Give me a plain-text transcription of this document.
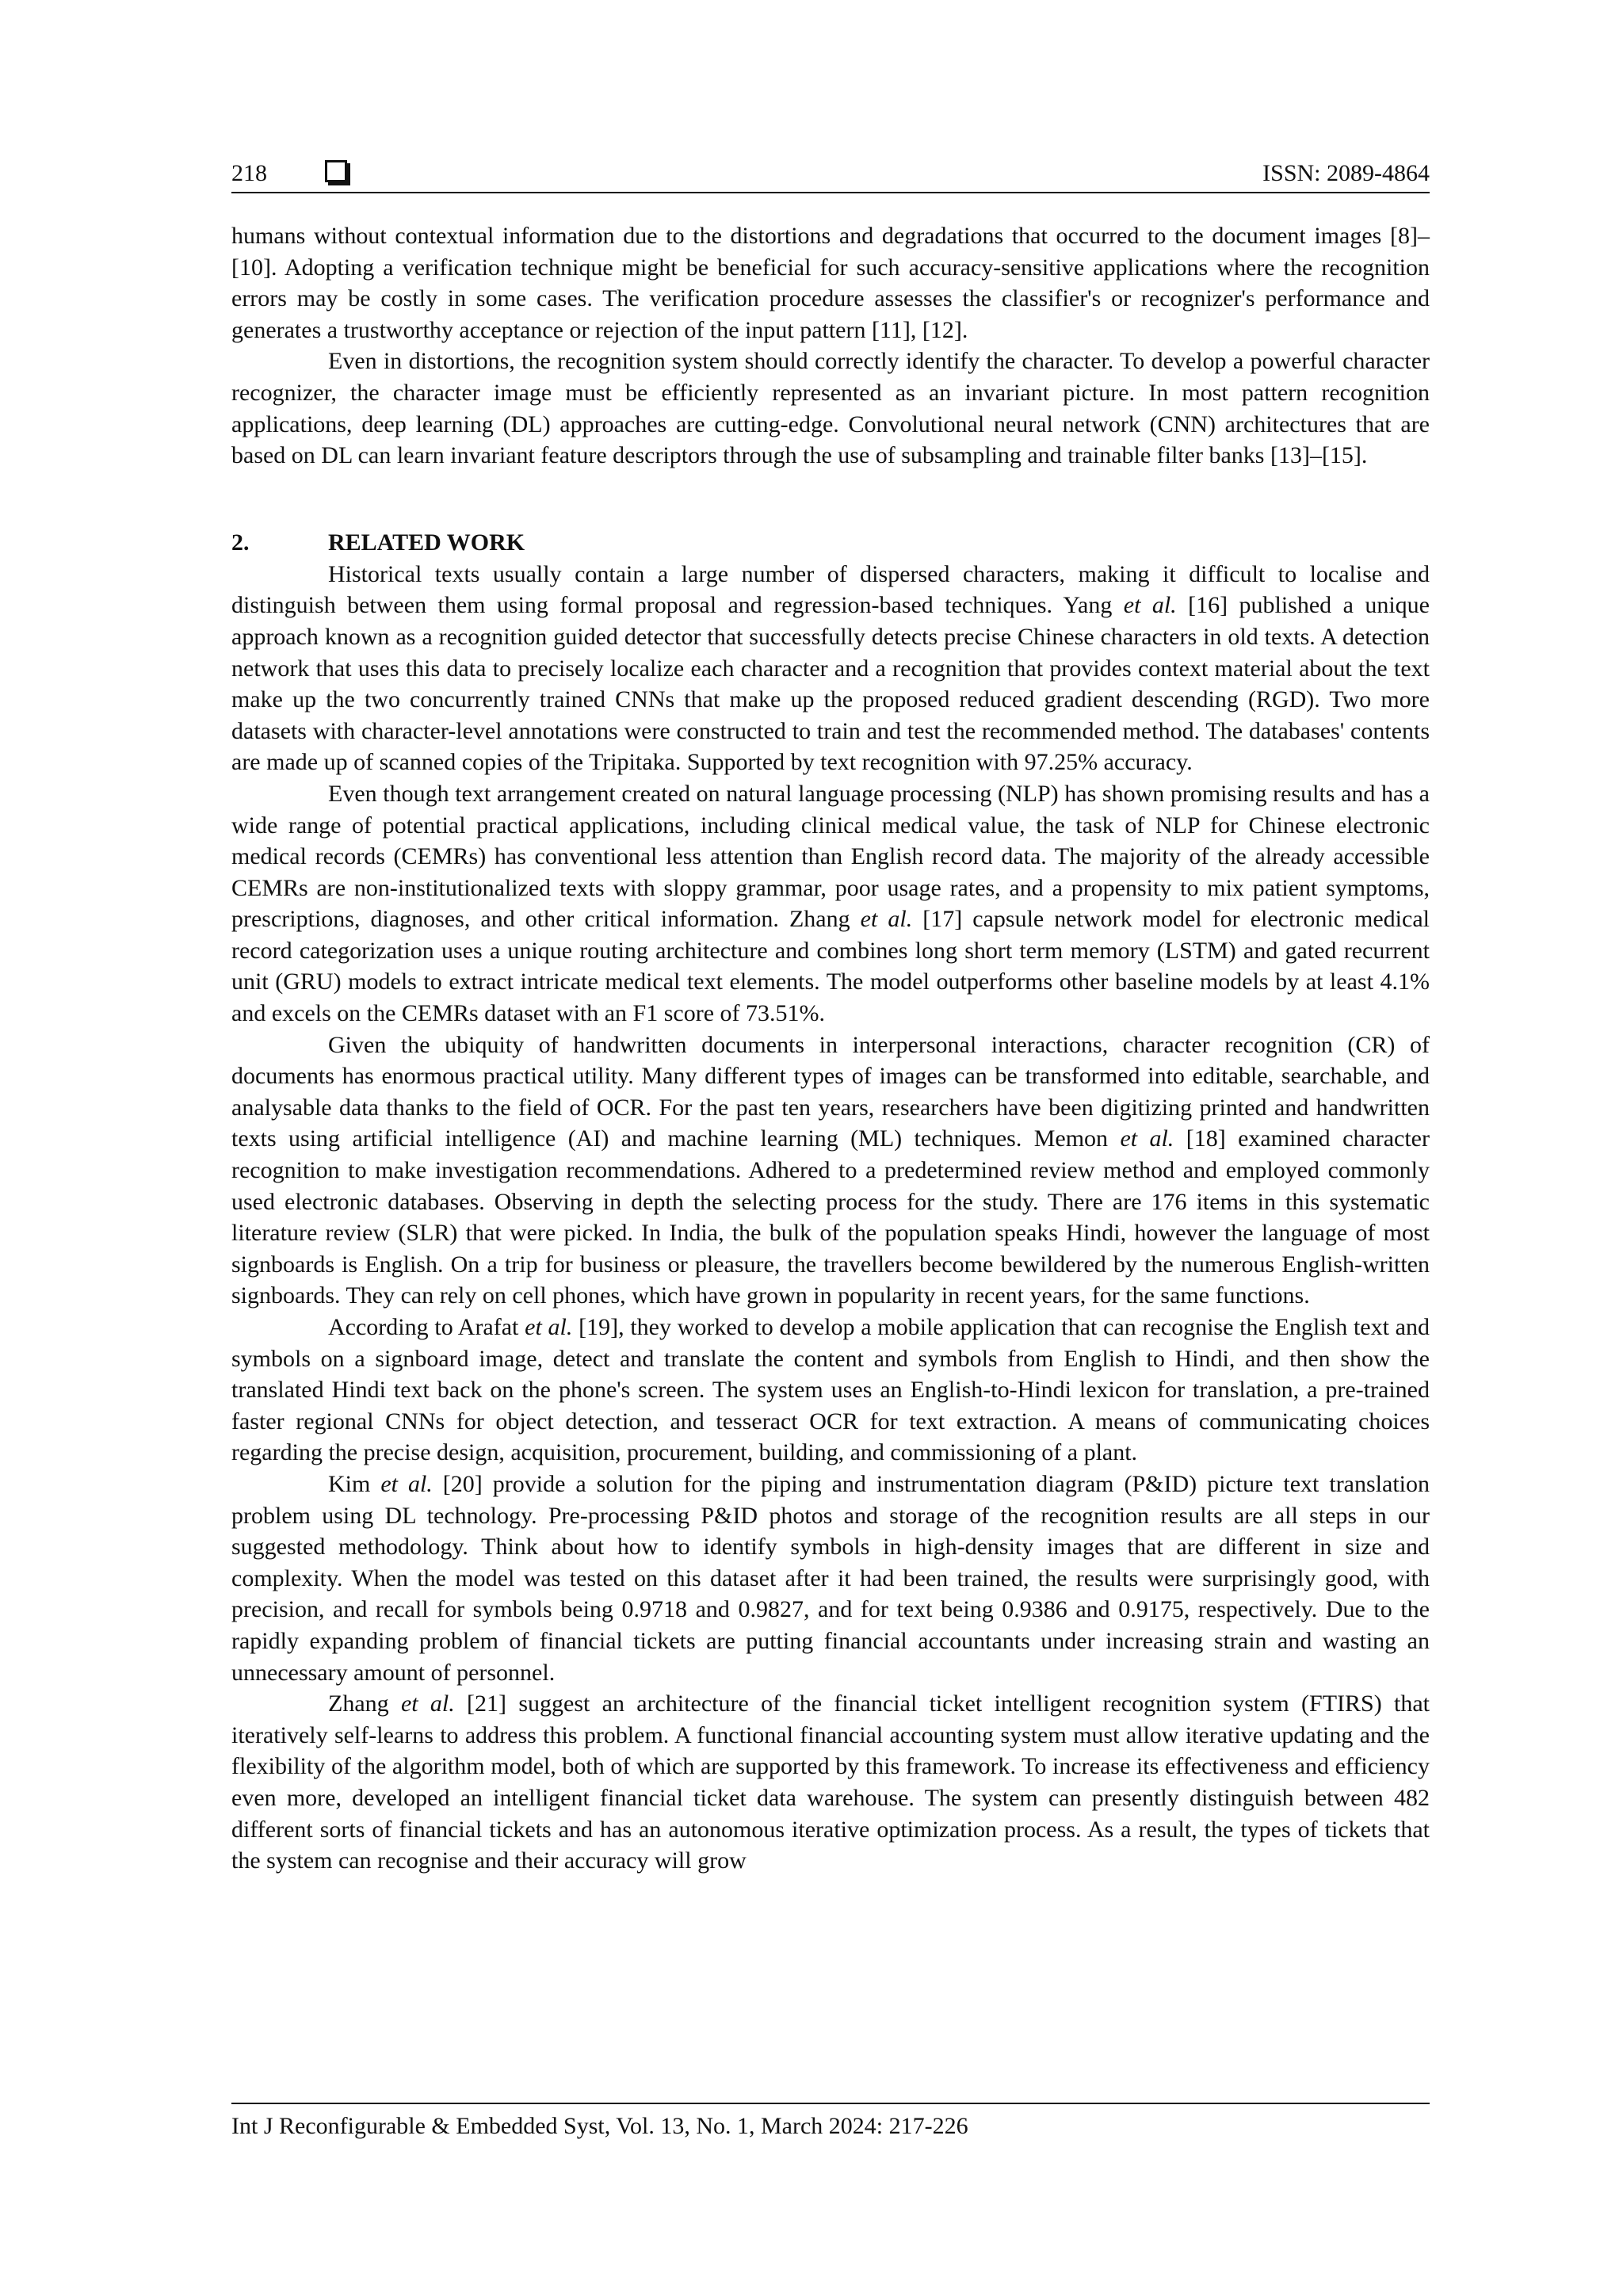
218	ISSN: 2089-4864

humans without contextual information due to the distortions and degradations that occurred to the document images [8]–[10]. Adopting a verification technique might be beneficial for such accuracy-sensitive applications where the recognition errors may be costly in some cases. The verification procedure assesses the classifier's or recognizer's performance and generates a trustworthy acceptance or rejection of the input pattern [11], [12].

Even in distortions, the recognition system should correctly identify the character. To develop a powerful character recognizer, the character image must be efficiently represented as an invariant picture. In most pattern recognition applications, deep learning (DL) approaches are cutting-edge. Convolutional neural network (CNN) architectures that are based on DL can learn invariant feature descriptors through the use of subsampling and trainable filter banks [13]–[15].

2.	RELATED WORK

Historical texts usually contain a large number of dispersed characters, making it difficult to localise and distinguish between them using formal proposal and regression-based techniques. Yang et al. [16] published a unique approach known as a recognition guided detector that successfully detects precise Chinese characters in old texts. A detection network that uses this data to precisely localize each character and a recognition that provides context material about the text make up the two concurrently trained CNNs that make up the proposed reduced gradient descending (RGD). Two more datasets with character-level annotations were constructed to train and test the recommended method. The databases' contents are made up of scanned copies of the Tripitaka. Supported by text recognition with 97.25% accuracy.

Even though text arrangement created on natural language processing (NLP) has shown promising results and has a wide range of potential practical applications, including clinical medical value, the task of NLP for Chinese electronic medical records (CEMRs) has conventional less attention than English record data. The majority of the already accessible CEMRs are non-institutionalized texts with sloppy grammar, poor usage rates, and a propensity to mix patient symptoms, prescriptions, diagnoses, and other critical information. Zhang et al. [17] capsule network model for electronic medical record categorization uses a unique routing architecture and combines long short term memory (LSTM) and gated recurrent unit (GRU) models to extract intricate medical text elements. The model outperforms other baseline models by at least 4.1% and excels on the CEMRs dataset with an F1 score of 73.51%.

Given the ubiquity of handwritten documents in interpersonal interactions, character recognition (CR) of documents has enormous practical utility. Many different types of images can be transformed into editable, searchable, and analysable data thanks to the field of OCR. For the past ten years, researchers have been digitizing printed and handwritten texts using artificial intelligence (AI) and machine learning (ML) techniques. Memon et al. [18] examined character recognition to make investigation recommendations. Adhered to a predetermined review method and employed commonly used electronic databases. Observing in depth the selecting process for the study. There are 176 items in this systematic literature review (SLR) that were picked. In India, the bulk of the population speaks Hindi, however the language of most signboards is English. On a trip for business or pleasure, the travellers become bewildered by the numerous English-written signboards. They can rely on cell phones, which have grown in popularity in recent years, for the same functions.

According to Arafat et al. [19], they worked to develop a mobile application that can recognise the English text and symbols on a signboard image, detect and translate the content and symbols from English to Hindi, and then show the translated Hindi text back on the phone's screen. The system uses an English-to-Hindi lexicon for translation, a pre-trained faster regional CNNs for object detection, and tesseract OCR for text extraction. A means of communicating choices regarding the precise design, acquisition, procurement, building, and commissioning of a plant.

Kim et al. [20] provide a solution for the piping and instrumentation diagram (P&ID) picture text translation problem using DL technology. Pre-processing P&ID photos and storage of the recognition results are all steps in our suggested methodology. Think about how to identify symbols in high-density images that are different in size and complexity. When the model was tested on this dataset after it had been trained, the results were surprisingly good, with precision, and recall for symbols being 0.9718 and 0.9827, and for text being 0.9386 and 0.9175, respectively. Due to the rapidly expanding problem of financial tickets are putting financial accountants under increasing strain and wasting an unnecessary amount of personnel.

Zhang et al. [21] suggest an architecture of the financial ticket intelligent recognition system (FTIRS) that iteratively self-learns to address this problem. A functional financial accounting system must allow iterative updating and the flexibility of the algorithm model, both of which are supported by this framework. To increase its effectiveness and efficiency even more, developed an intelligent financial ticket data warehouse. The system can presently distinguish between 482 different sorts of financial tickets and has an autonomous iterative optimization process. As a result, the types of tickets that the system can recognise and their accuracy will grow

Int J Reconfigurable & Embedded Syst, Vol. 13, No. 1, March 2024: 217-226
